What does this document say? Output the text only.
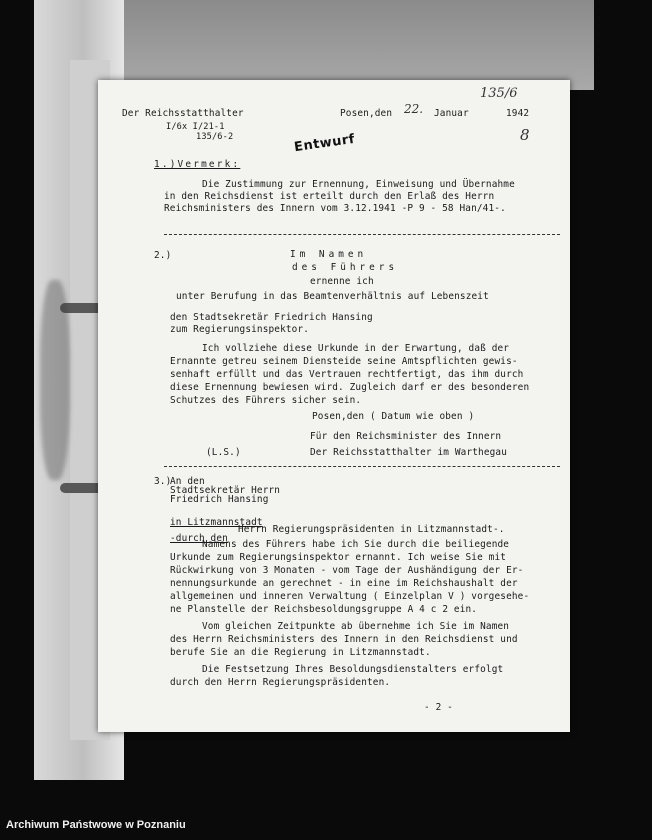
Der Reichsstatthalter
I/6x I/21-1
135/6-2
Posen,den 22. Januar	1942
135/6
8
Entwurf
1.)Vermerk:
Die Zustimmung zur Ernennung, Einweisung und Übernahme
in den Reichsdienst ist erteilt durch den Erlaß des Herrn
Reichsministers des Innern vom 3.12.1941 -P 9 - 58 Han/41-.
2.)	Im Namen
des Führers
ernenne ich
unter Berufung in das Beamtenverhältnis auf Lebenszeit
den Stadtsekretär Friedrich Hansing
zum Regierungsinspektor.
Ich vollziehe diese Urkunde in der Erwartung, daß der
Ernannte getreu seinem Diensteide seine Amtspflichten gewis-
senhaft erfüllt und das Vertrauen rechtfertigt, das ihm durch
diese Ernennung bewiesen wird. Zugleich darf er des besonderen
Schutzes des Führers sicher sein.
Posen,den ( Datum wie oben )
Für den Reichsminister des Innern
Der Reichsstatthalter im Warthegau
(L.S.)
3.)
An den
Stadtsekretär Herrn
Friedrich Hansing
in Litzmannstadt
Herrn Regierungspräsidenten in Litzmannstadt-.
-durch den
Namens des Führers habe ich Sie durch die beiliegende
Urkunde zum Regierungsinspektor ernannt. Ich weise Sie mit
Rückwirkung von 3 Monaten - vom Tage der Aushändigung der Er-
nennungsurkunde an gerechnet - in eine im Reichshaushalt der
allgemeinen und inneren Verwaltung ( Einzelplan V ) vorgesehe-
ne Planstelle der Reichsbesoldungsgruppe A 4 c 2 ein.
Vom gleichen Zeitpunkte ab übernehme ich Sie im Namen
des Herrn Reichsministers des Innern in den Reichsdienst und
berufe Sie an die Regierung in Litzmannstadt.
Die Festsetzung Ihres Besoldungsdienstalters erfolgt
durch den Herrn Regierungspräsidenten.
- 2 -
Archiwum Państwowe w Poznaniu
